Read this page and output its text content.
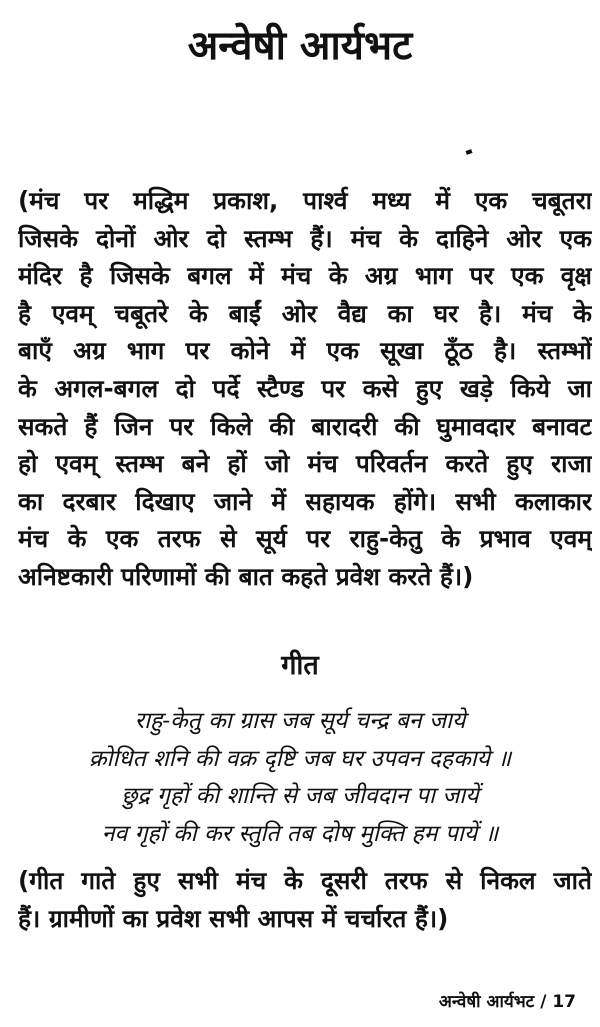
अन्वेषी आर्यभट
(मंच पर मद्धिम प्रकाश, पार्श्व मध्य में एक चबूतरा
जिसके दोनों ओर दो स्तम्भ हैं। मंच के दाहिने ओर एक
मंदिर है जिसके बगल में मंच के अग्र भाग पर एक वृक्ष
है एवम् चबूतरे के बाईं ओर वैद्य का घर है। मंच के
बाएँ अग्र भाग पर कोने में एक सूखा ठूँठ है। स्तम्भों
के अगल-बगल दो पर्दे स्टैण्ड पर कसे हुए खड़े किये जा
सकते हैं जिन पर किले की बारादरी की घुमावदार बनावट
हो एवम् स्तम्भ बने हों जो मंच परिवर्तन करते हुए राजा
का दरबार दिखाए जाने में सहायक होंगे। सभी कलाकार
मंच के एक तरफ से सूर्य पर राहु-केतु के प्रभाव एवम्
अनिष्टकारी परिणामों की बात कहते प्रवेश करते हैं।)
गीत
राहु-केतु का ग्रास जब सूर्य चन्द्र बन जाये
क्रोधित शनि की वक्र दृष्टि जब घर उपवन दहकाये ॥
छुद्र गृहों की शान्ति से जब जीवदान पा जायें
नव गृहों की कर स्तुति तब दोष मुक्ति हम पायें ॥
(गीत गाते हुए सभी मंच के दूसरी तरफ से निकल जाते
हैं। ग्रामीणों का प्रवेश सभी आपस में चर्चारत हैं।)
अन्वेषी आर्यभट / 17
